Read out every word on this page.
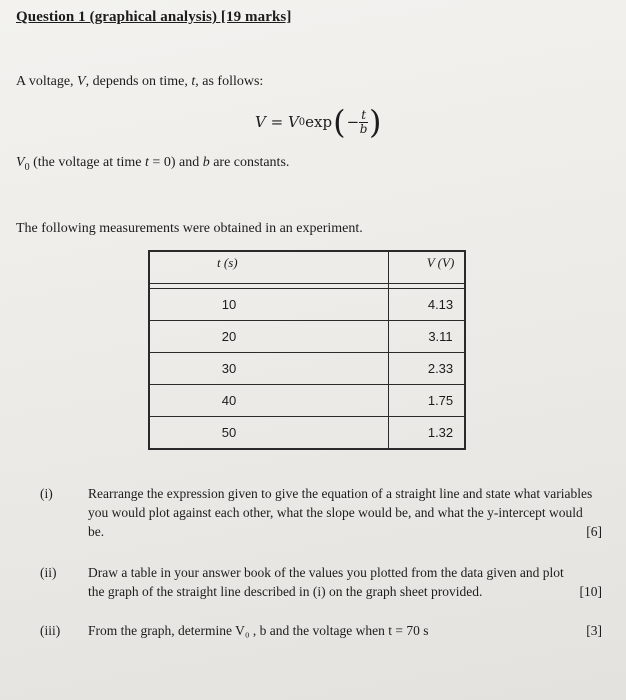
Question 1 (graphical analysis) [19 marks]
A voltage, V, depends on time, t, as follows:
V = V 0 exp ( − $\frac{t}{b}$ )
$V_0$ (the voltage at time t = 0) and b are constants.
The following measurements were obtained in an experiment.
t (s)	V (V)

10	4.13
20	3.11
30	2.33
40	1.75
50	1.32
(i)	Rearrange the expression given to give the equation of a straight line and state what variables you would plot against each other, what the slope would be, and what the y-intercept would be.	[6]
(ii) Draw a table in your answer book of the values you plotted from the data given and plot the graph of the straight line described in (i) on the graph sheet provided.	[10]
(iii) From the graph, determine V₀ , b and the voltage when t = 70 s	[3]
